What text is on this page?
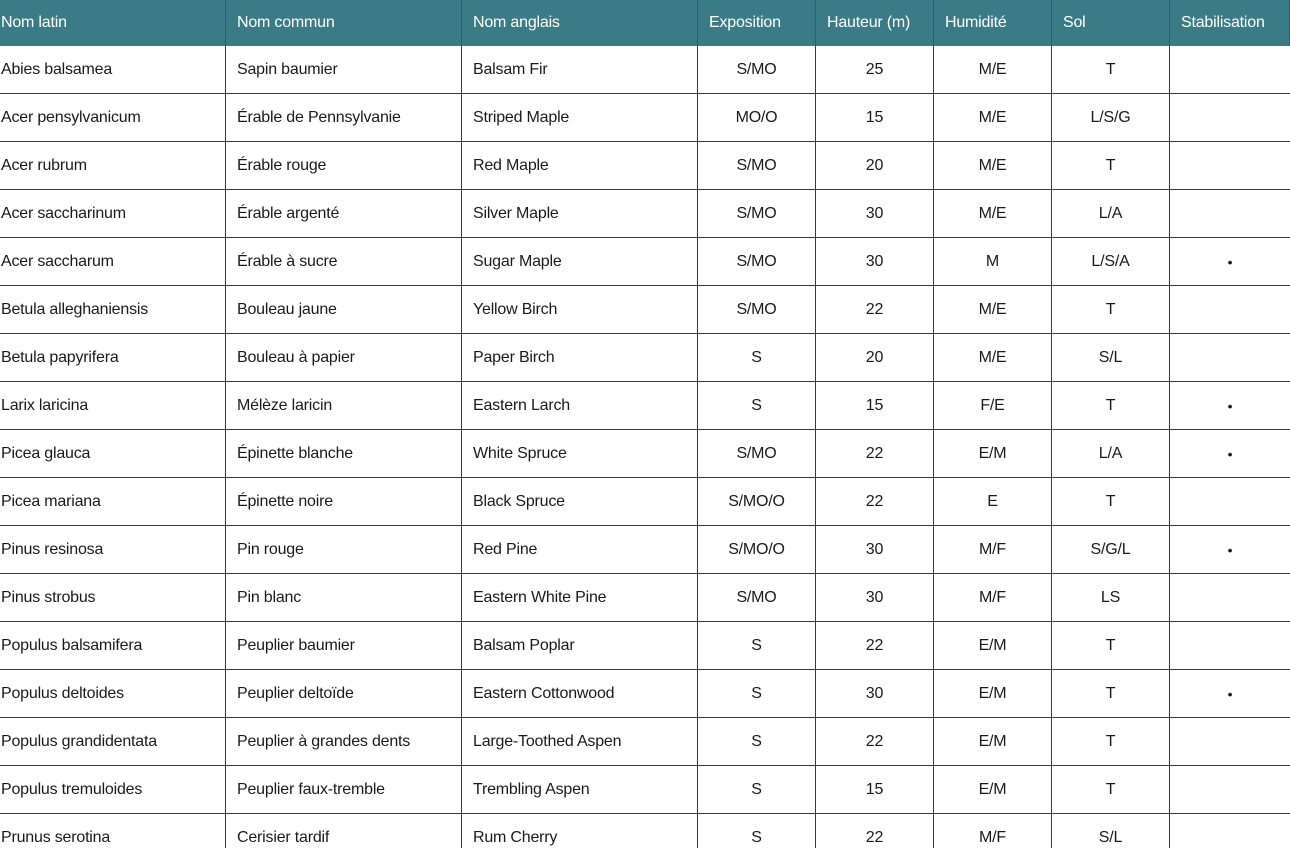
Nom latin	Nom commun	Nom anglais	Exposition	Hauteur (m)	Humidité	Sol	Stabilisation
Abies balsamea	Sapin baumier	Balsam Fir	S/MO	25	M/E	T
Acer pensylvanicum	Érable de Pennsylvanie	Striped Maple	MO/O	15	M/E	L/S/G
Acer rubrum	Érable rouge	Red Maple	S/MO	20	M/E	T
Acer saccharinum	Érable argenté	Silver Maple	S/MO	30	M/E	L/A
Acer saccharum	Érable à sucre	Sugar Maple	S/MO	30	M	L/S/A	•
Betula alleghaniensis	Bouleau jaune	Yellow Birch	S/MO	22	M/E	T
Betula papyrifera	Bouleau à papier	Paper Birch	S	20	M/E	S/L
Larix laricina	Mélèze laricin	Eastern Larch	S	15	F/E	T	•
Picea glauca	Épinette blanche	White Spruce	S/MO	22	E/M	L/A	•
Picea mariana	Épinette noire	Black Spruce	S/MO/O	22	E	T
Pinus resinosa	Pin rouge	Red Pine	S/MO/O	30	M/F	S/G/L	•
Pinus strobus	Pin blanc	Eastern White Pine	S/MO	30	M/F	LS
Populus balsamifera	Peuplier baumier	Balsam Poplar	S	22	E/M	T
Populus deltoides	Peuplier deltoïde	Eastern Cottonwood	S	30	E/M	T	•
Populus grandidentata	Peuplier à grandes dents	Large-Toothed Aspen	S	22	E/M	T
Populus tremuloides	Peuplier faux-tremble	Trembling Aspen	S	15	E/M	T
Prunus serotina	Cerisier tardif	Rum Cherry	S	22	M/F	S/L
